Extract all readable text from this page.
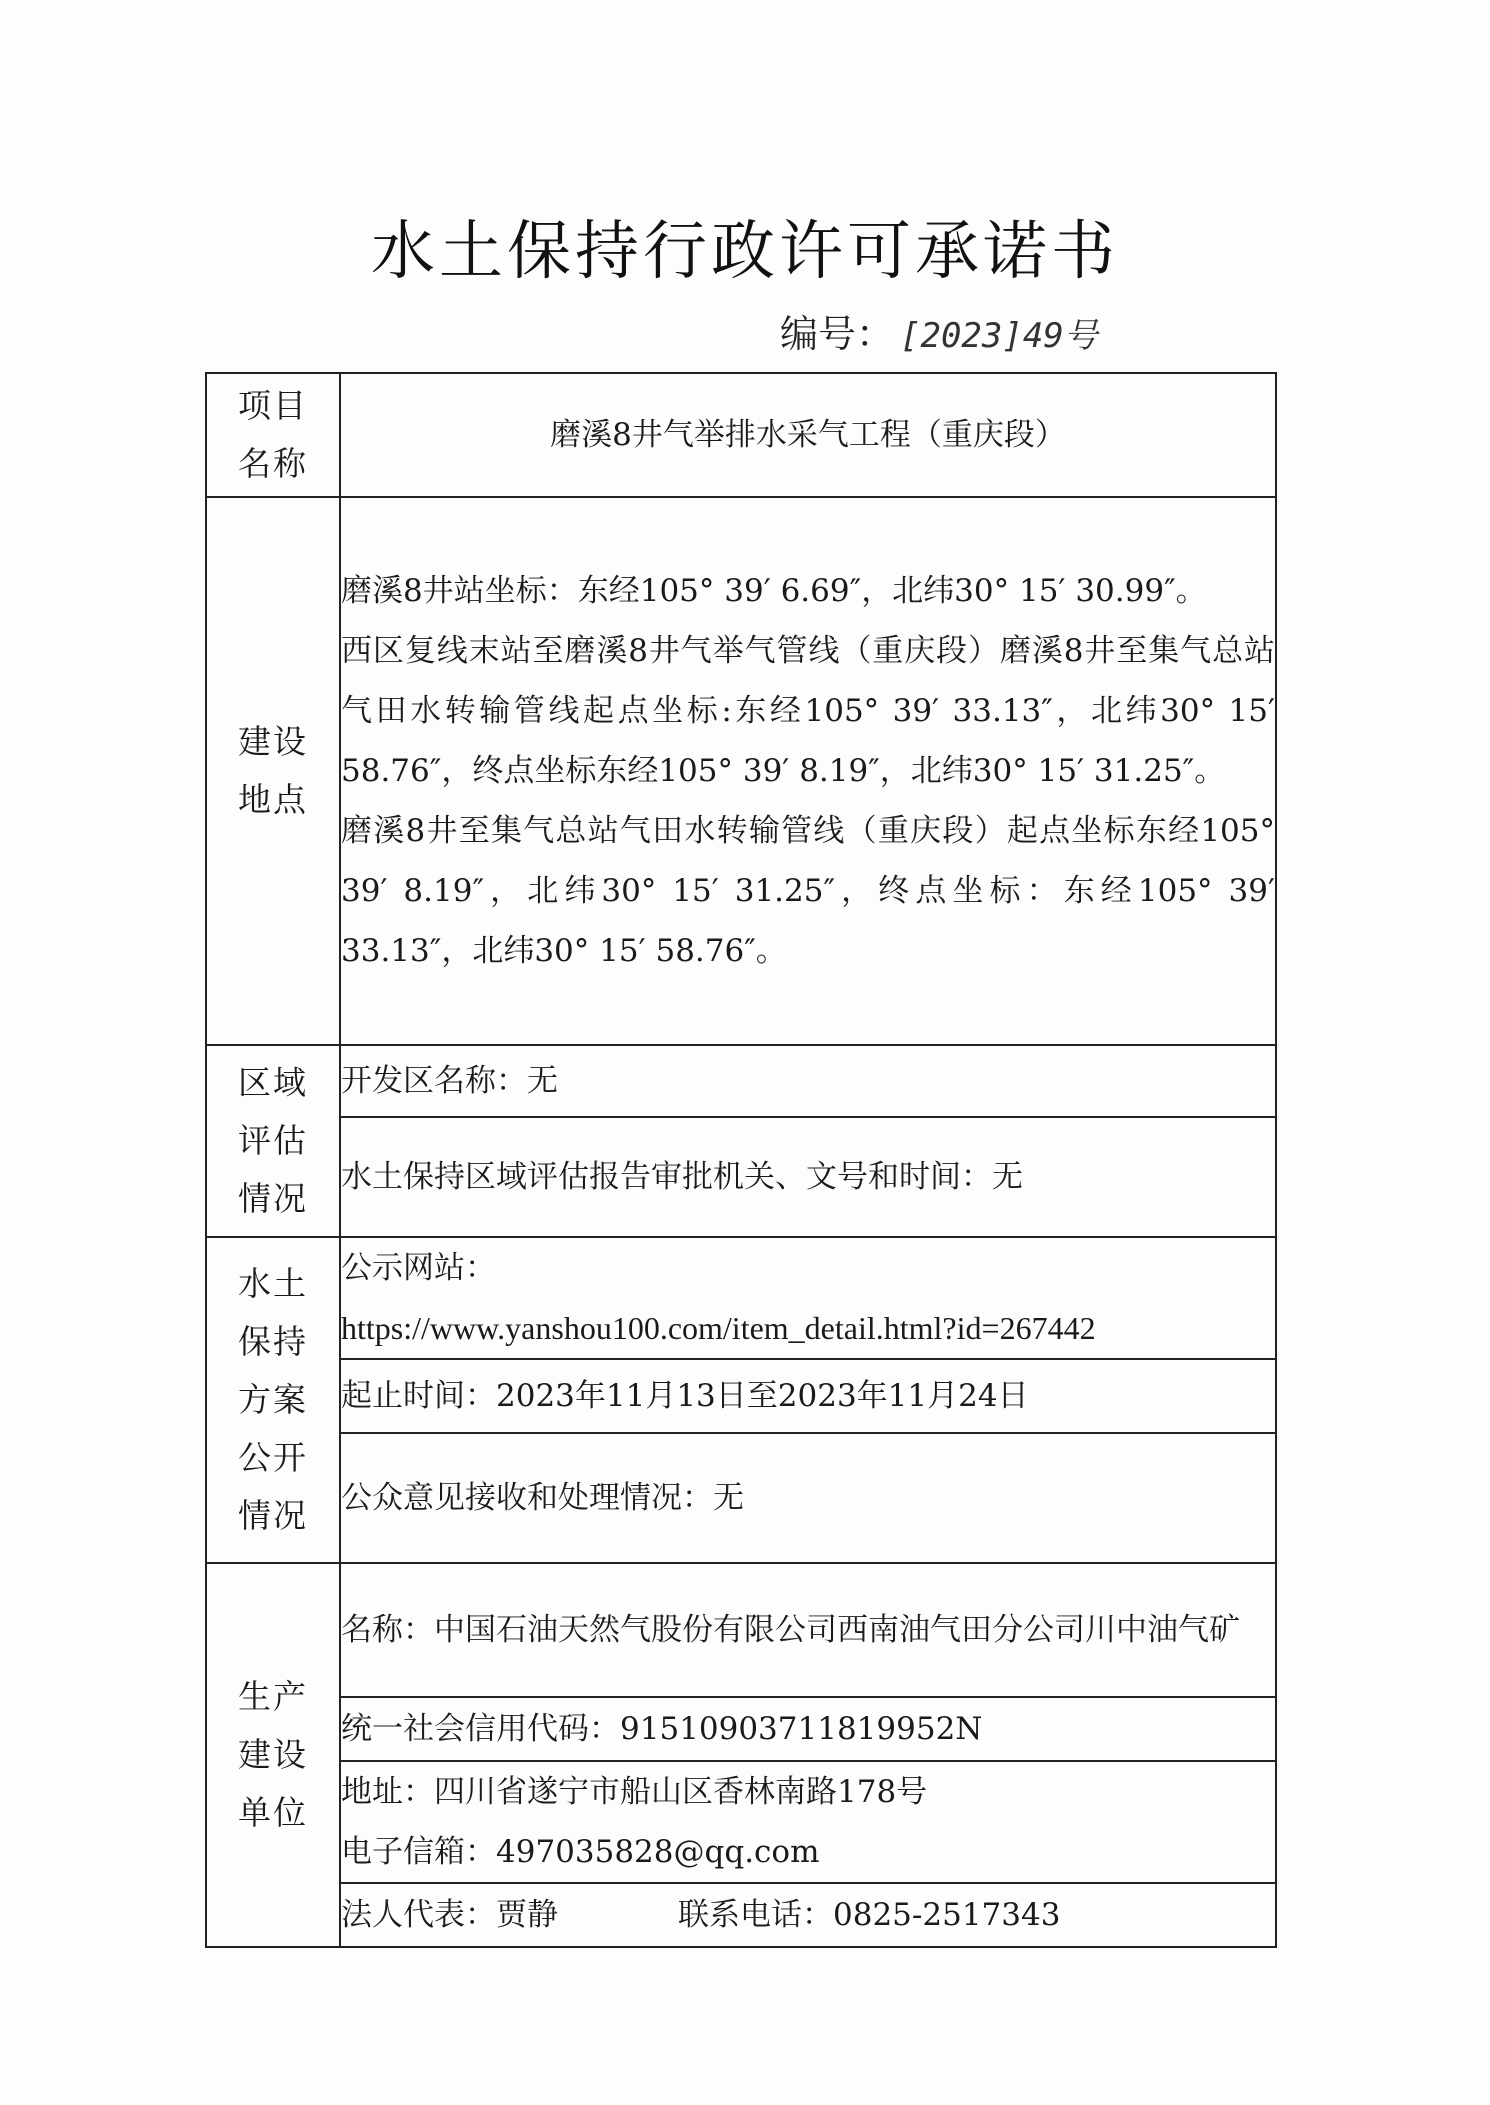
水土保持行政许可承诺书
编号： [2023]49号
项目名称	磨溪8井气举排水采气工程（重庆段）
建设地点	磨溪8井站坐标：东经105° 39′ 6.69″，北纬30° 15′ 30.99″。

西区复线末站至磨溪8井气举气管线（重庆段）磨溪8井至集气总站气田水转输管线起点坐标:东经105° 39′ 33.13″，北纬30° 15′ 58.76″，终点坐标东经105° 39′ 8.19″，北纬30° 15′ 31.25″。

磨溪8井至集气总站气田水转输管线（重庆段）起点坐标东经105° 39′ 8.19″，北纬30° 15′ 31.25″，终点坐标：东经105° 39′ 33.13″，北纬30° 15′ 58.76″。

区域评估情况	开发区名称：无
	水土保持区域评估报告审批机关、文号和时间：无
水土保持方案公开情况	公示网站：

https://www.yanshou100.com/item_detail.html?id=267442

	起止时间：2023年11月13日至2023年11月24日
	公众意见接收和处理情况：无
生产建设单位	名称：中国石油天然气股份有限公司西南油气田分公司川中油气矿
	统一社会信用代码：91510903711819952N

	地址：四川省遂宁市船山区香林南路178号

电子信箱：497035828@qq.com

	法人代表：贾静 联系电话：0825-2517343
